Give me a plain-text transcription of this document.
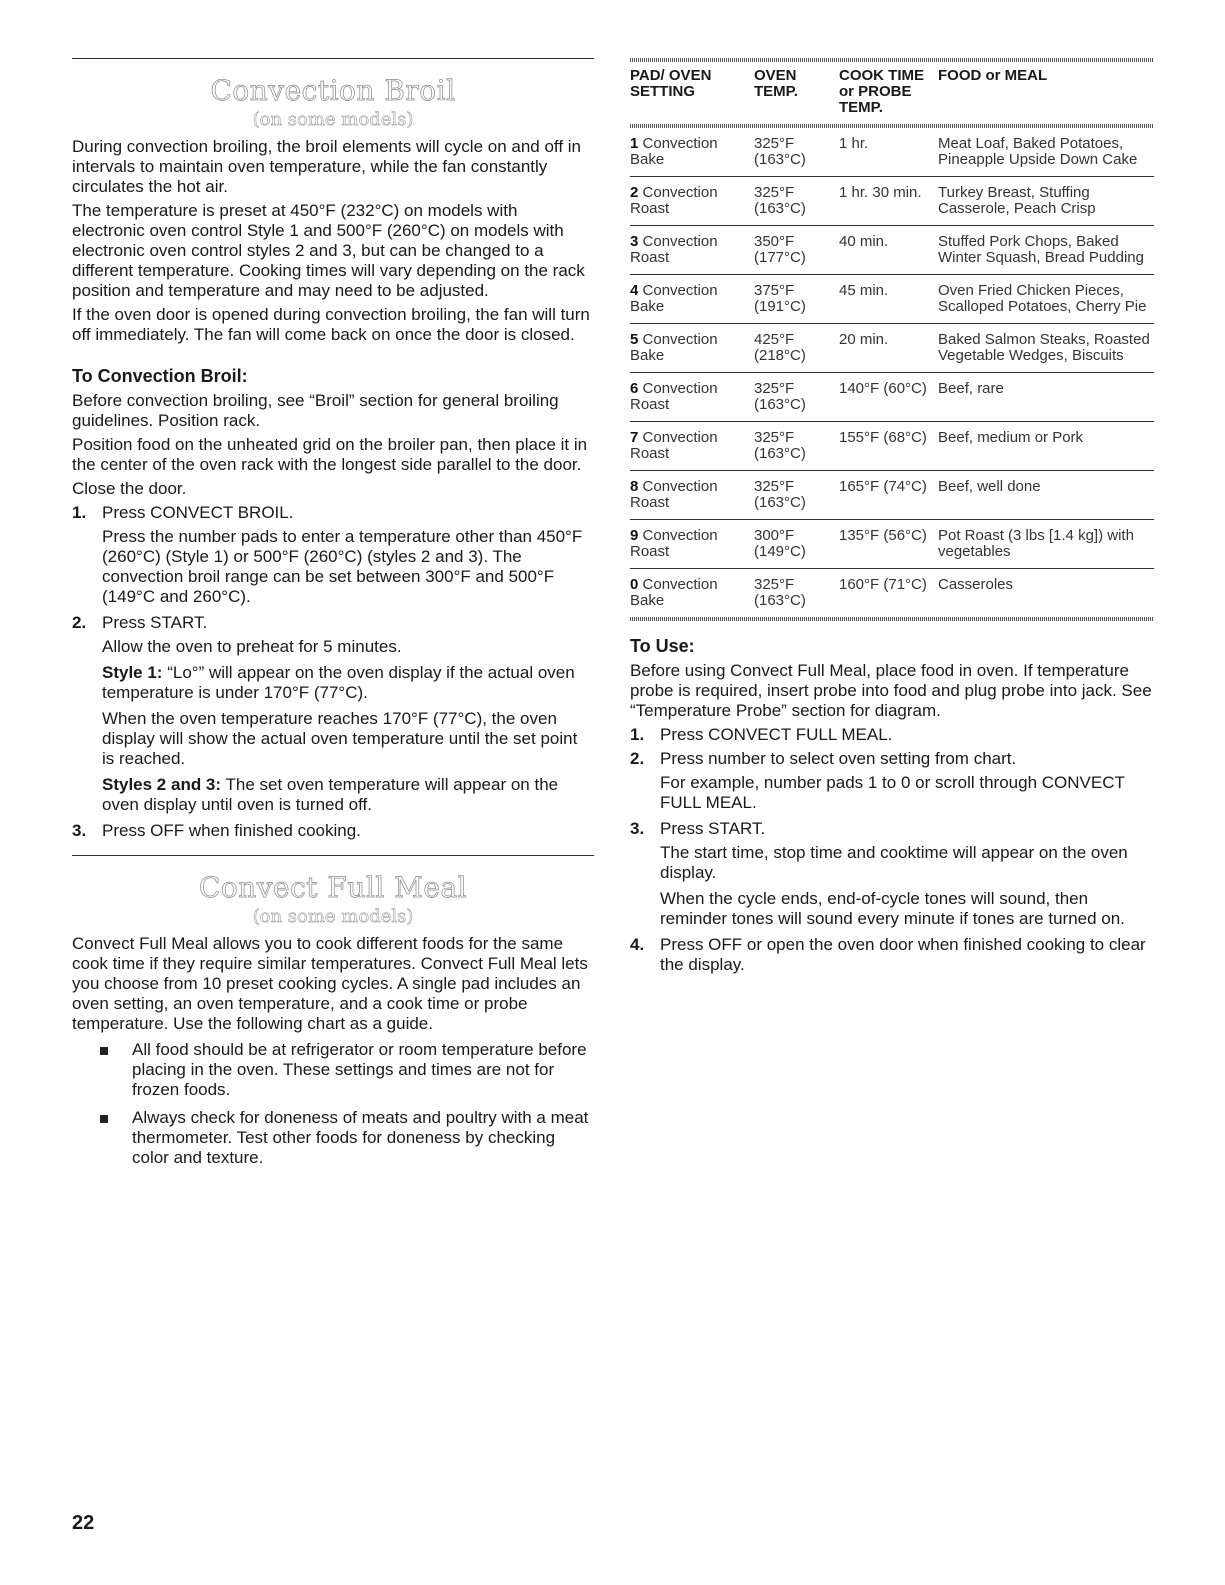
Convection Broil
(on some models)

During convection broiling, the broil elements will cycle on and off in intervals to maintain oven temperature, while the fan constantly circulates the hot air.

The temperature is preset at 450°F (232°C) on models with electronic oven control Style 1 and 500°F (260°C) on models with electronic oven control styles 2 and 3, but can be changed to a different temperature. Cooking times will vary depending on the rack position and temperature and may need to be adjusted.

If the oven door is opened during convection broiling, the fan will turn off immediately. The fan will come back on once the door is closed.

To Convection Broil:

Before convection broiling, see “Broil” section for general broiling guidelines. Position rack.

Position food on the unheated grid on the broiler pan, then place it in the center of the oven rack with the longest side parallel to the door.

Close the door.

1. Press CONVECT BROIL.

Press the number pads to enter a temperature other than 450°F (260°C) (Style 1) or 500°F (260°C) (styles 2 and 3). The convection broil range can be set between 300°F and 500°F (149°C and 260°C).

2. Press START.

Allow the oven to preheat for 5 minutes.

Style 1: “Lo°” will appear on the oven display if the actual oven temperature is under 170°F (77°C).

When the oven temperature reaches 170°F (77°C), the oven display will show the actual oven temperature until the set point is reached.

Styles 2 and 3: The set oven temperature will appear on the oven display until oven is turned off.

3. Press OFF when finished cooking.
Convect Full Meal
(on some models)

Convect Full Meal allows you to cook different foods for the same cook time if they require similar temperatures. Convect Full Meal lets you choose from 10 preset cooking cycles. A single pad includes an oven setting, an oven temperature, and a cook time or probe temperature. Use the following chart as a guide.

All food should be at refrigerator or room temperature before placing in the oven. These settings and times are not for frozen foods.
Always check for doneness of meats and poultry with a meat thermometer. Test other foods for doneness by checking color and texture.
PAD/ OVEN SETTING	OVEN TEMP.	COOK TIME or PROBE TEMP.	FOOD or MEAL

1 Convection Bake	325°F (163°C)	1 hr.	Meat Loaf, Baked Potatoes, Pineapple Upside Down Cake
2 Convection Roast	325°F (163°C)	1 hr. 30 min.	Turkey Breast, Stuffing Casserole, Peach Crisp
3 Convection Roast	350°F (177°C)	40 min.	Stuffed Pork Chops, Baked Winter Squash, Bread Pudding
4 Convection Bake	375°F (191°C)	45 min.	Oven Fried Chicken Pieces, Scalloped Potatoes, Cherry Pie
5 Convection Bake	425°F (218°C)	20 min.	Baked Salmon Steaks, Roasted Vegetable Wedges, Biscuits
6 Convection Roast	325°F (163°C)	140°F (60°C)	Beef, rare
7 Convection Roast	325°F (163°C)	155°F (68°C)	Beef, medium or Pork
8 Convection Roast	325°F (163°C)	165°F (74°C)	Beef, well done
9 Convection Roast	300°F (149°C)	135°F (56°C)	Pot Roast (3 lbs [1.4 kg]) with vegetables
0 Convection Bake	325°F (163°C)	160°F (71°C)	Casseroles
To Use:

Before using Convect Full Meal, place food in oven. If temperature probe is required, insert probe into food and plug probe into jack. See “Temperature Probe” section for diagram.

1. Press CONVECT FULL MEAL.
2. Press number to select oven setting from chart.

For example, number pads 1 to 0 or scroll through CONVECT FULL MEAL.

3. Press START.

The start time, stop time and cooktime will appear on the oven display.

When the cycle ends, end-of-cycle tones will sound, then reminder tones will sound every minute if tones are turned on.

4. Press OFF or open the oven door when finished cooking to clear the display.
22
